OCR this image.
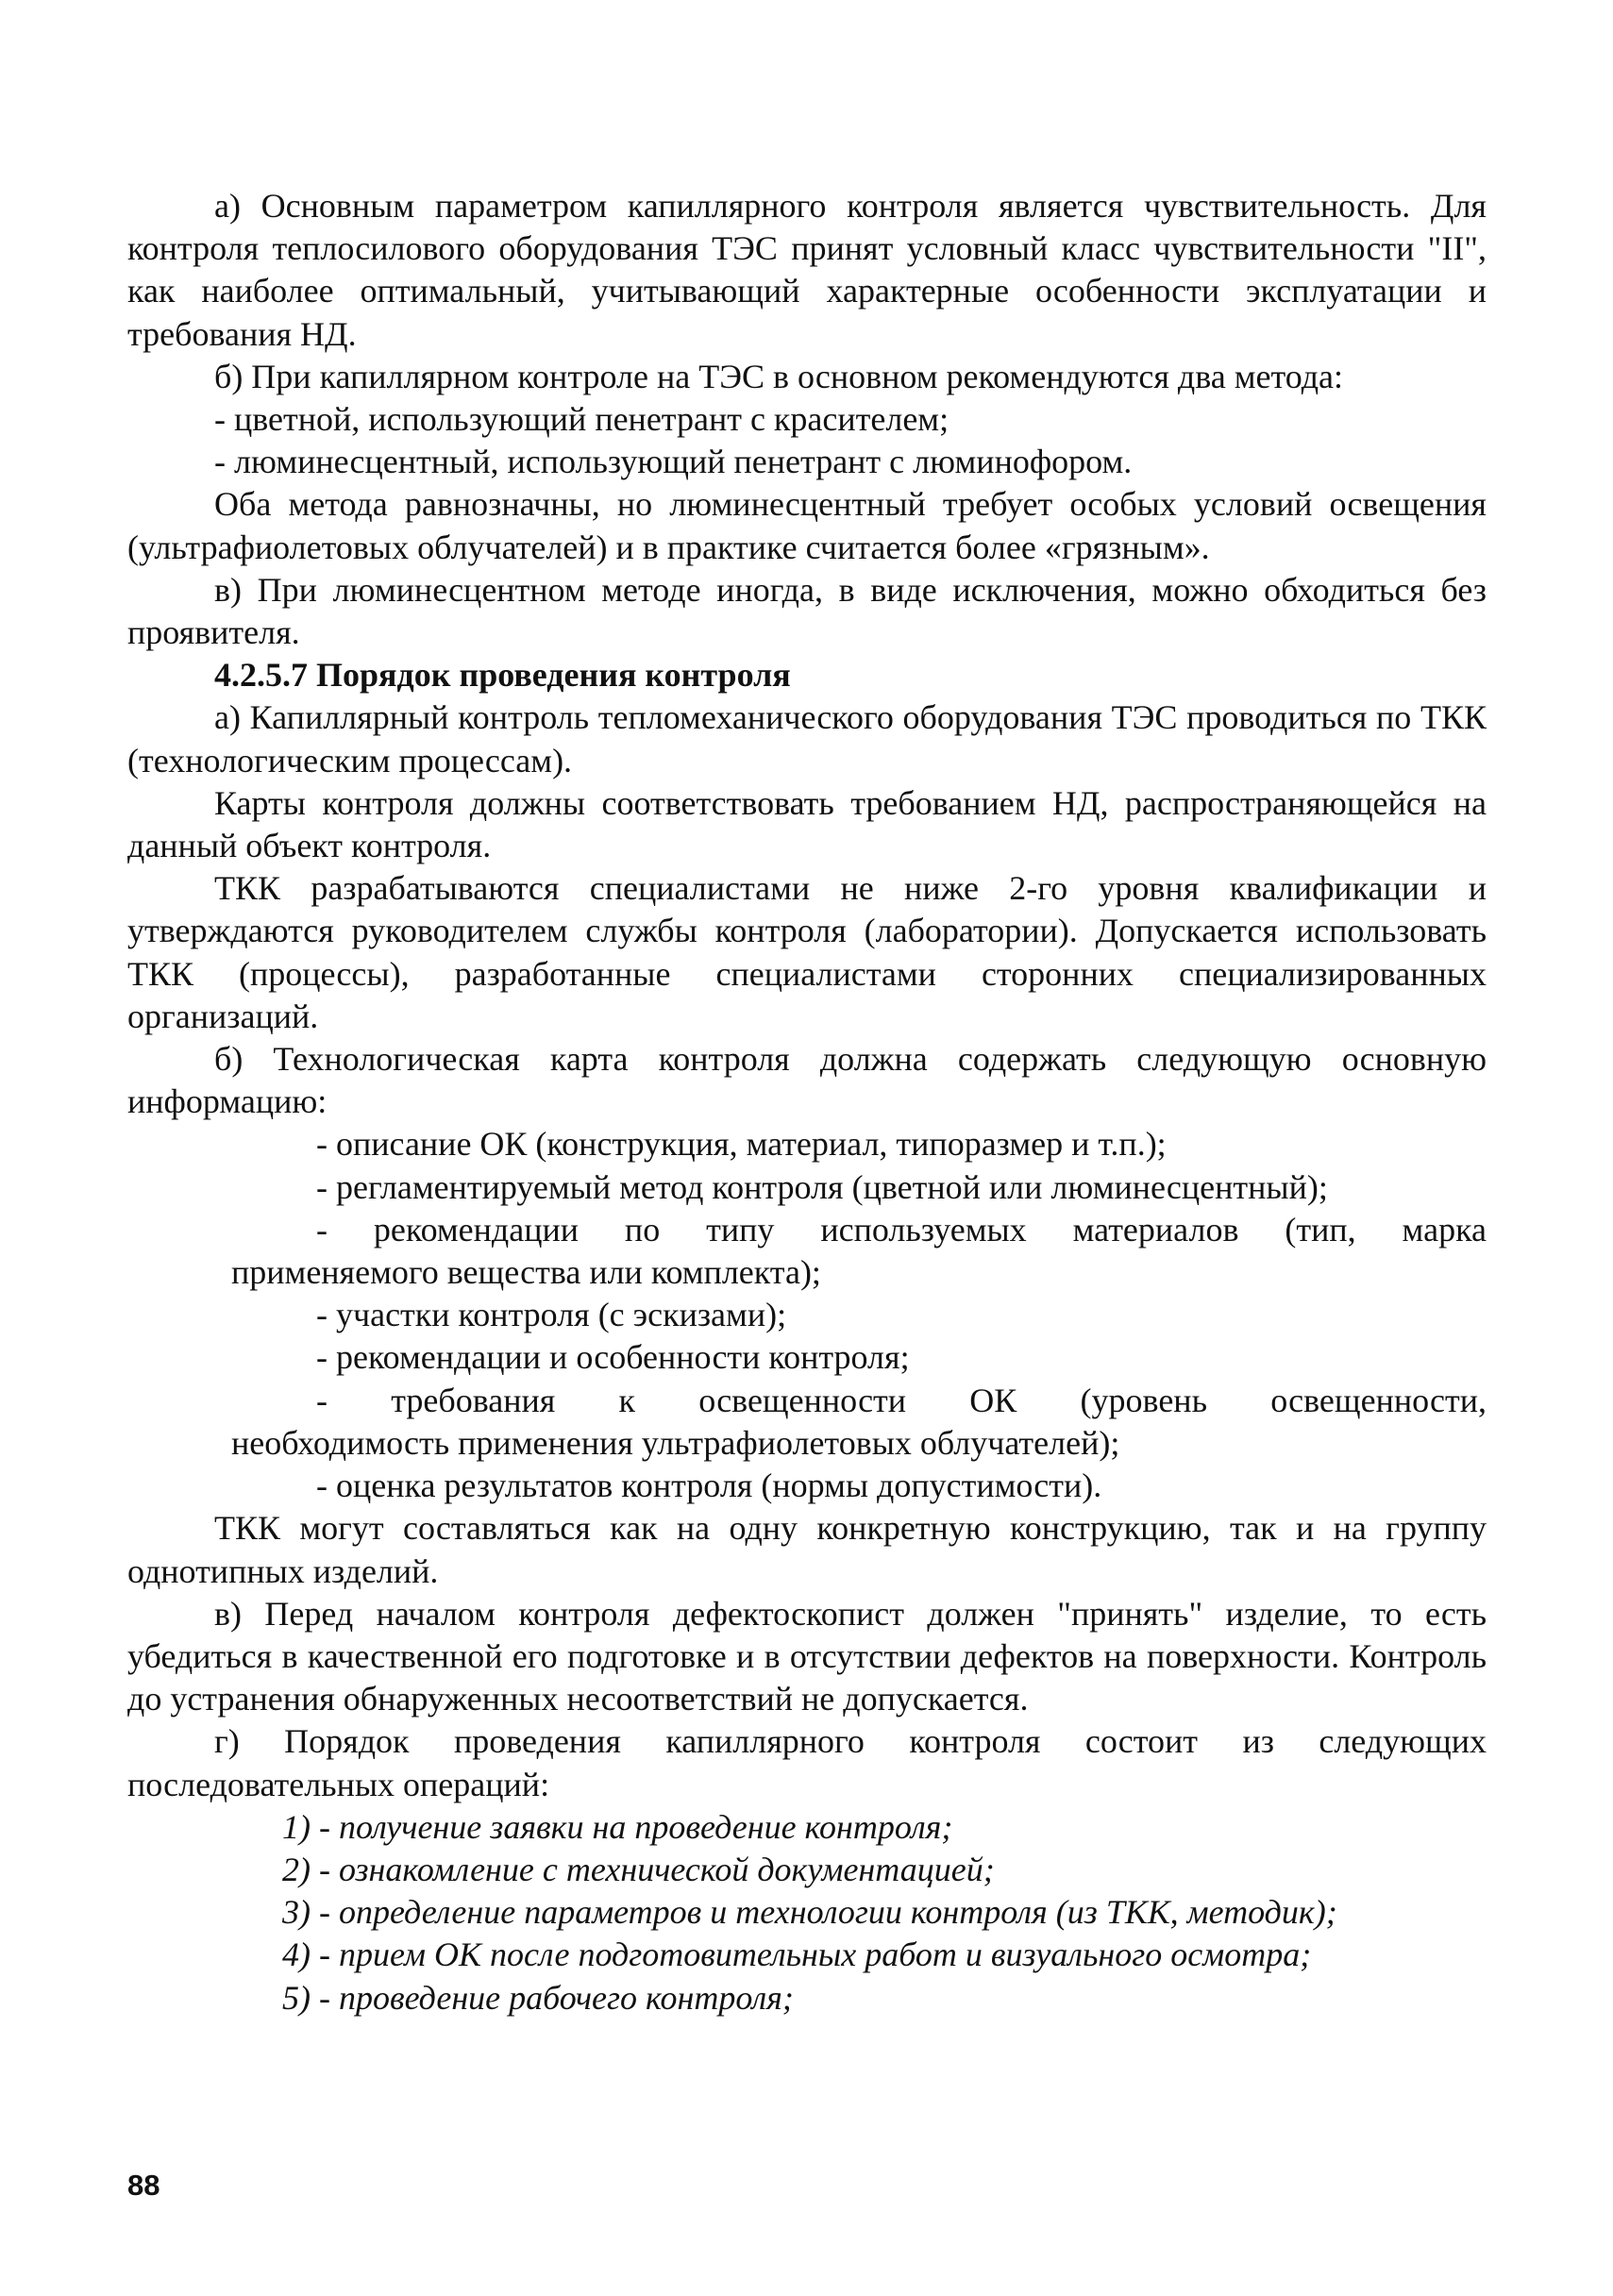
а) Основным параметром капиллярного контроля является чувствительность. Для контроля теплосилового оборудования ТЭС принят условный класс чувствительности "II", как наиболее оптимальный, учитывающий характерные особенности эксплуатации и требования НД.

б) При капиллярном контроле на ТЭС в основном рекомендуются два метода:

- цветной, использующий пенетрант с красителем;

- люминесцентный, использующий пенетрант с люминофором.

Оба метода равнозначны, но люминесцентный требует особых условий освещения (ультрафиолетовых облучателей) и в практике считается более «грязным».

в) При люминесцентном методе иногда, в виде исключения, можно обходиться без проявителя.

4.2.5.7 Порядок проведения контроля

а) Капиллярный контроль тепломеханического оборудования ТЭС проводиться по ТКК (технологическим процессам).

Карты контроля должны соответствовать требованием НД, распространяющейся на данный объект контроля.

ТКК разрабатываются специалистами не ниже 2-го уровня квалификации и утверждаются руководителем службы контроля (лаборатории). Допускается использовать ТКК (процессы), разработанные специалистами сторонних специализированных организаций.

б) Технологическая карта контроля должна содержать следующую основную информацию:

- описание ОК (конструкция, материал, типоразмер и т.п.);

- регламентируемый метод контроля (цветной или люминесцентный);

- рекомендации по типу используемых материалов (тип, марка

применяемого вещества или комплекта);

- участки контроля (с эскизами);

- рекомендации и особенности контроля;

- требования к освещенности ОК (уровень освещенности,

необходимость применения ультрафиолетовых облучателей);

- оценка результатов контроля (нормы допустимости).

ТКК могут составляться как на одну конкретную конструкцию, так и на группу однотипных изделий.

в) Перед началом контроля дефектоскопист должен "принять" изделие, то есть убедиться в качественной его подготовке и в отсутствии дефектов на поверхности. Контроль до устранения обнаруженных несоответствий не допускается.

г) Порядок проведения капиллярного контроля состоит из следующих последовательных операций:

1) - получение заявки на проведение контроля;

2) - ознакомление с технической документацией;

3) - определение параметров и технологии контроля (из ТКК, методик);

4) - прием ОК после подготовительных работ и визуального осмотра;

5) - проведение рабочего контроля;

88
